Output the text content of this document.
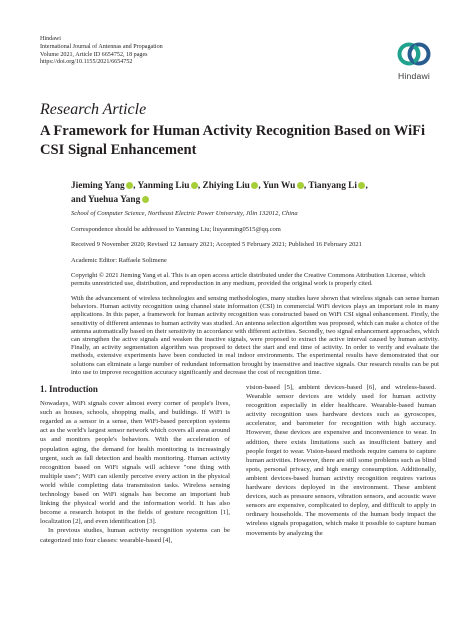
Hindawi
International Journal of Antennas and Propagation
Volume 2021, Article ID 6654752, 18 pages
https://doi.org/10.1155/2021/6654752
Hindawi
Research Article
A Framework for Human Activity Recognition Based on WiFi CSI Signal Enhancement
Jieming Yang , Yanming Liu , Zhiying Liu , Yun Wu , Tianyang Li ,
and Yuehua Yang
School of Computer Science, Northeast Electric Power University, Jilin 132012, China
Correspondence should be addressed to Yanming Liu; liuyanming0515@qq.com
Received 9 November 2020; Revised 12 January 2021; Accepted 5 February 2021; Published 16 February 2021
Academic Editor: Raffaele Solimene
Copyright © 2021 Jieming Yang et al. This is an open access article distributed under the Creative Commons Attribution License, which permits unrestricted use, distribution, and reproduction in any medium, provided the original work is properly cited.
With the advancement of wireless technologies and sensing methodologies, many studies have shown that wireless signals can sense human behaviors. Human activity recognition using channel state information (CSI) in commercial WiFi devices plays an important role in many applications. In this paper, a framework for human activity recognition was constructed based on WiFi CSI signal enhancement. Firstly, the sensitivity of different antennas to human activity was studied. An antenna selection algorithm was proposed, which can make a choice of the antenna automatically based on their sensitivity in accordance with different activities. Secondly, two signal enhancement approaches, which can strengthen the active signals and weaken the inactive signals, were proposed to extract the active interval caused by human activity. Finally, an activity segmentation algorithm was proposed to detect the start and end time of activity. In order to verify and evaluate the methods, extensive experiments have been conducted in real indoor environments. The experimental results have demonstrated that our solutions can eliminate a large number of redundant information brought by insensitive and inactive signals. Our research results can be put into use to improve recognition accuracy significantly and decrease the cost of recognition time.
1. Introduction

Nowadays, WiFi signals cover almost every corner of people's lives, such as houses, schools, shopping malls, and buildings. If WiFi is regarded as a sensor in a sense, then WiFi-based perception systems act as the world's largest sensor network which covers all areas around us and monitors people's behaviors. With the acceleration of population aging, the demand for health monitoring is increasingly urgent, such as fall detection and health monitoring. Human activity recognition based on WiFi signals will achieve "one thing with multiple uses"; WiFi can silently perceive every action in the physical world while completing data transmission tasks. Wireless sensing technology based on WiFi signals has become an important hub linking the physical world and the information world. It has also become a research hotspot in the fields of gesture recognition [1], localization [2], and even identification [3].

In previous studies, human activity recognition systems can be categorized into four classes: wearable-based [4],

vision-based [5], ambient devices-based [6], and wireless-based. Wearable sensor devices are widely used for human activity recognition especially in elder healthcare. Wearable-based human activity recognition uses hardware devices such as gyroscopes, accelerator, and barometer for recognition with high accuracy. However, these devices are expensive and inconvenience to wear. In addition, there exists limitations such as insufficient battery and people forget to wear. Vision-based methods require camera to capture human activities. However, there are still some problems such as blind spots, personal privacy, and high energy consumption. Additionally, ambient devices-based human activity recognition requires various hardware devices deployed in the environment. These ambient devices, such as pressure sensors, vibration sensors, and acoustic wave sensors are expensive, complicated to deploy, and difficult to apply in ordinary households. The movements of the human body impact the wireless signals propagation, which make it possible to capture human movements by analyzing the
